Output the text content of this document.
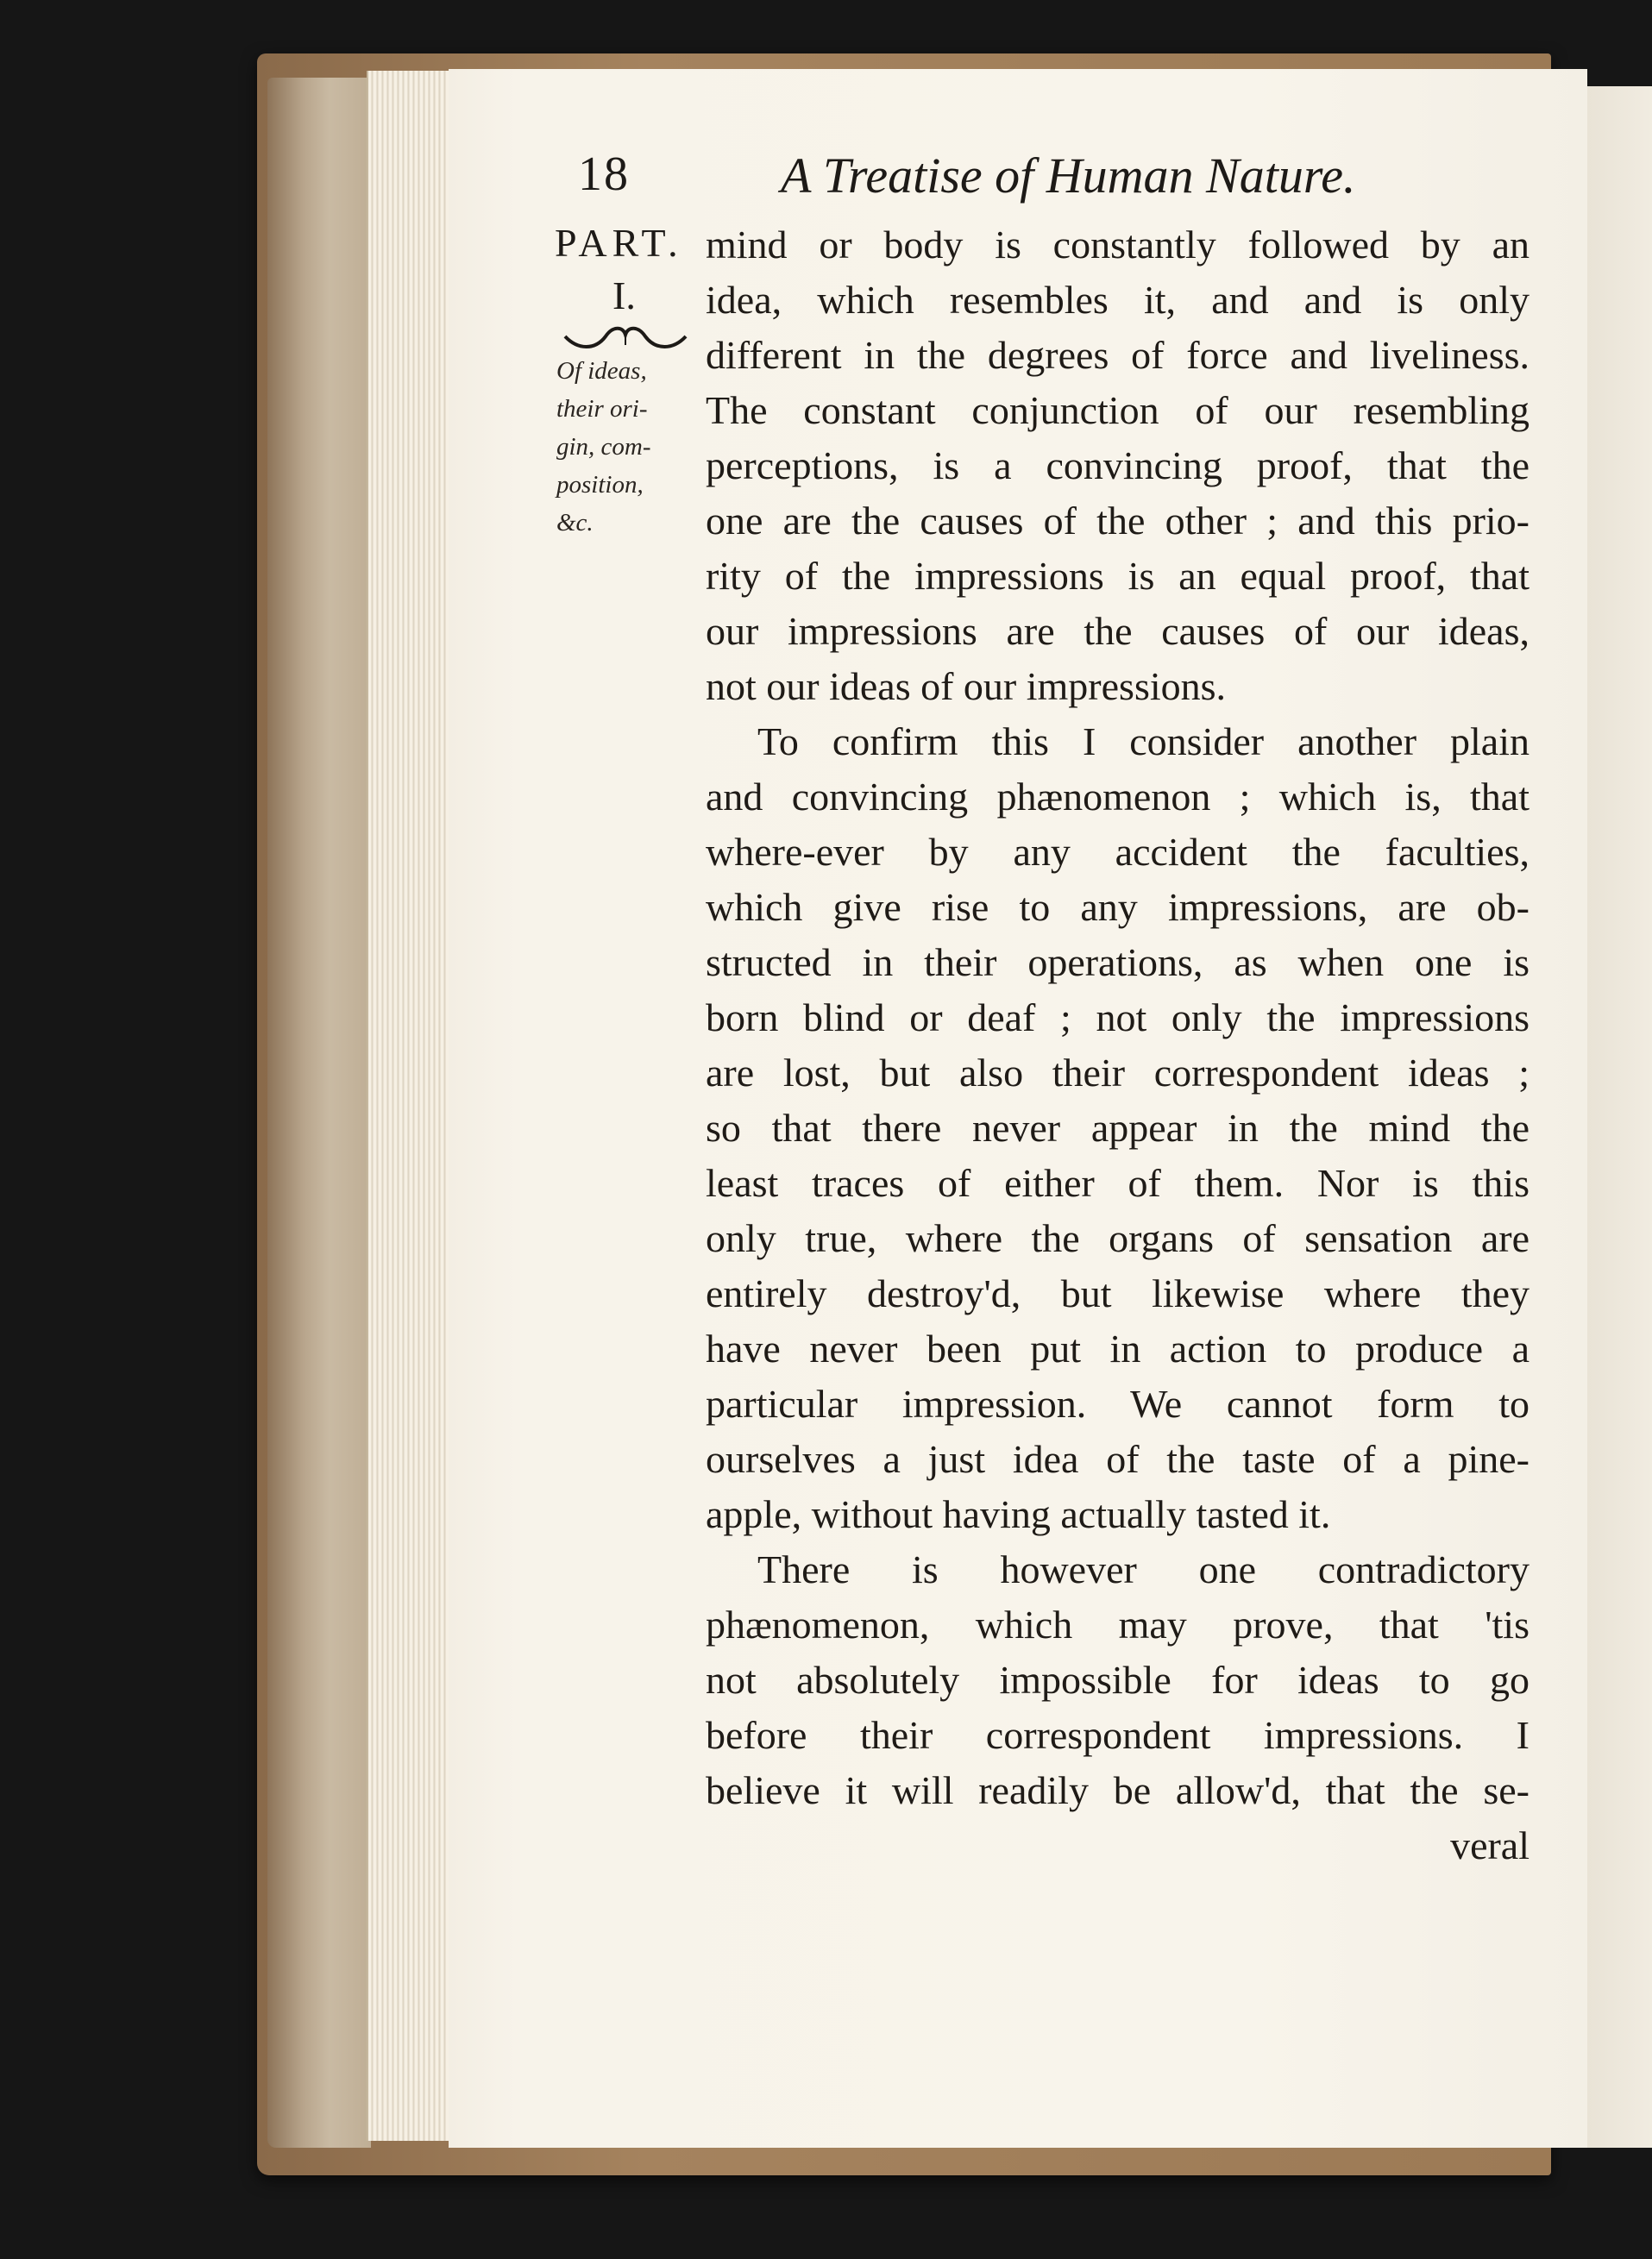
18	A Treatise of Human Nature.
PART.
I.
Of ideas,
their ori-
gin, com-
position,
&c.
mind or body is constantly followed by an
idea, which resembles it, and and is only
different in the degrees of force and liveliness.
The constant conjunction of our resembling
perceptions, is a convincing proof, that the
one are the causes of the other ; and this prio-
rity of the impressions is an equal proof, that
our impressions are the causes of our ideas,
not our ideas of our impressions.
To confirm this I consider another plain
and convincing phænomenon ; which is, that
where-ever by any accident the faculties,
which give rise to any impressions, are ob-
structed in their operations, as when one is
born blind or deaf ; not only the impressions
are lost, but also their correspondent ideas ;
so that there never appear in the mind the
least traces of either of them. Nor is this
only true, where the organs of sensation are
entirely destroy'd, but likewise where they
have never been put in action to produce a
particular impression. We cannot form to
ourselves a just idea of the taste of a pine-
apple, without having actually tasted it.
There is however one contradictory
phænomenon, which may prove, that 'tis
not absolutely impossible for ideas to go
before their correspondent impressions. I
believe it will readily be allow'd, that the se-
veral
